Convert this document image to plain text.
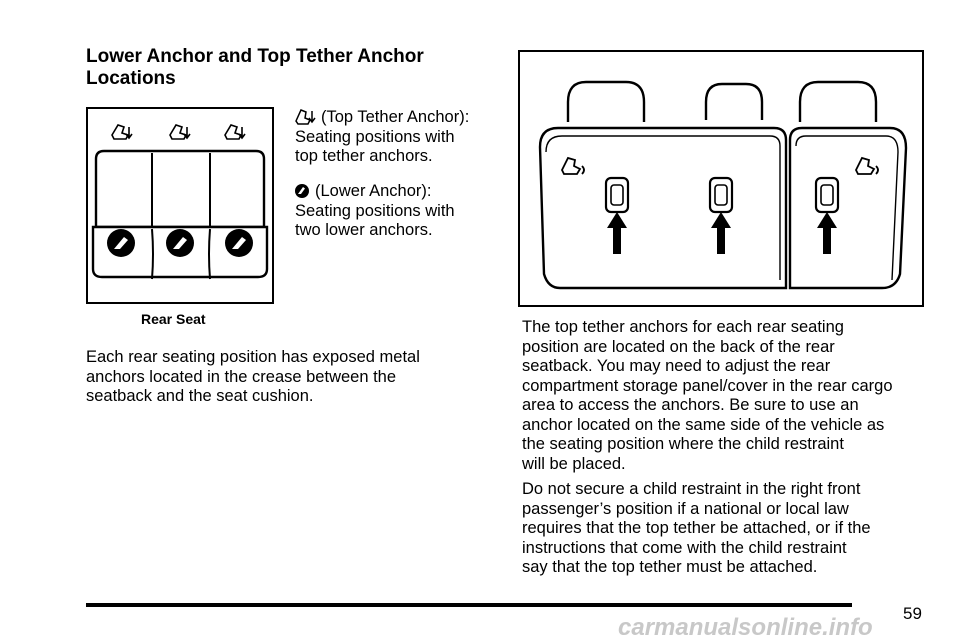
Lower Anchor and Top Tether Anchor Locations
Rear Seat
(Top Tether Anchor):
Seating positions with
top tether anchors.
(Lower Anchor):
Seating positions with
two lower anchors.
Each rear seating position has exposed metal
anchors located in the crease between the
seatback and the seat cushion.
The top tether anchors for each rear seating
position are located on the back of the rear
seatback. You may need to adjust the rear
compartment storage panel/cover in the rear cargo
area to access the anchors. Be sure to use an
anchor located on the same side of the vehicle as
the seating position where the child restraint
will be placed.
Do not secure a child restraint in the right front
passenger’s position if a national or local law
requires that the top tether be attached, or if the
instructions that come with the child restraint
say that the top tether must be attached.
59
carmanualsonline.info
